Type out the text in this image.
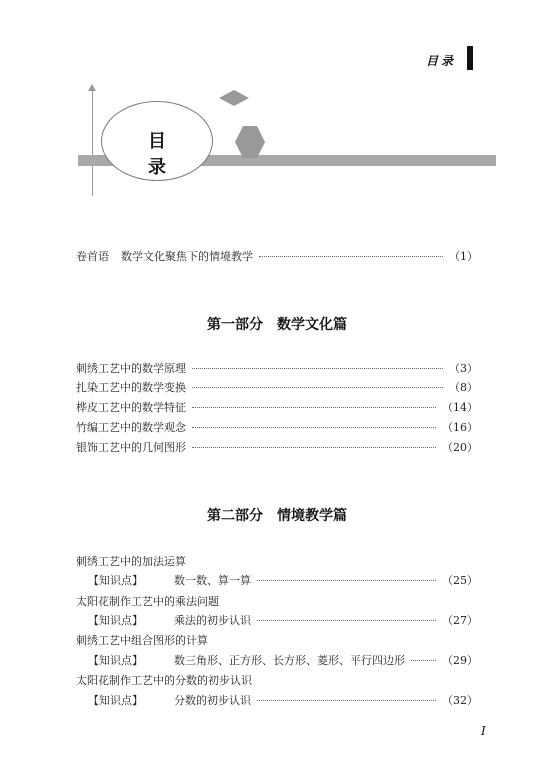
目录
目 录
卷首语 数学文化聚焦下的情境教学	（1）
第一部分 数学文化篇
刺绣工艺中的数学原理	（3）
扎染工艺中的数学变换	（8）
桦皮工艺中的数学特征	（14）
竹编工艺中的数学观念	（16）
银饰工艺中的几何图形	（20）
第二部分 情境教学篇
刺绣工艺中的加法运算
【知识点】	数一数、算一算	（25）
太阳花制作工艺中的乘法问题
【知识点】	乘法的初步认识	（27）
刺绣工艺中组合图形的计算
【知识点】	数三角形、正方形、长方形、菱形、平行四边形	（29）
太阳花制作工艺中的分数的初步认识
【知识点】	分数的初步认识	（32）
I
